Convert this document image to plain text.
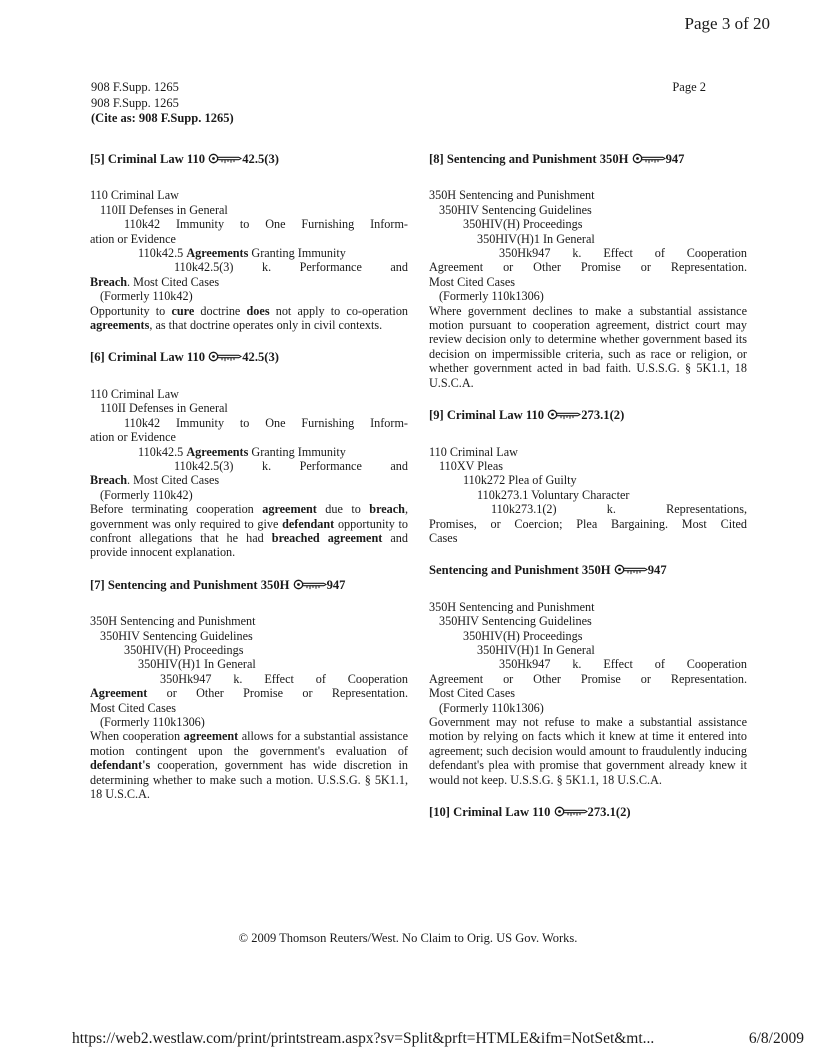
Page 3 of 20
908 F.Supp. 1265
908 F.Supp. 1265
(Cite as: 908 F.Supp. 1265)
Page 2
[5] Criminal Law 110	42.5(3)

110 Criminal Law

110II Defenses in General

110k42 Immunity to One Furnishing Inform-

ation or Evidence

110k42.5 Agreements Granting Immunity

110k42.5(3) k. Performance and

Breach. Most Cited Cases

(Formerly 110k42)

Opportunity to cure doctrine does not apply to co-operation agreements, as that doctrine operates only in civil contexts.

[6] Criminal Law 110	42.5(3)

110 Criminal Law

110II Defenses in General

110k42 Immunity to One Furnishing Inform-

ation or Evidence

110k42.5 Agreements Granting Immunity

110k42.5(3) k. Performance and

Breach. Most Cited Cases

(Formerly 110k42)

Before terminating cooperation agreement due to breach, government was only required to give defendant opportunity to confront allegations that he had breached agreement and provide innocent explanation.

[7] Sentencing and Punishment 350H	947

350H Sentencing and Punishment

350HIV Sentencing Guidelines

350HIV(H) Proceedings

350HIV(H)1 In General

350Hk947 k. Effect of Cooperation

Agreement or Other Promise or Representation.

Most Cited Cases

(Formerly 110k1306)

When cooperation agreement allows for a substantial assistance motion contingent upon the government's evaluation of defendant's cooperation, government has wide discretion in determining whether to make such a motion. U.S.S.G. § 5K1.1, 18 U.S.C.A.

[8] Sentencing and Punishment 350H	947

350H Sentencing and Punishment

350HIV Sentencing Guidelines

350HIV(H) Proceedings

350HIV(H)1 In General

350Hk947 k. Effect of Cooperation

Agreement or Other Promise or Representation.

Most Cited Cases

(Formerly 110k1306)

Where government declines to make a substantial assistance motion pursuant to cooperation agreement, district court may review decision only to determine whether government based its decision on impermissible criteria, such as race or religion, or whether government acted in bad faith. U.S.S.G. § 5K1.1, 18 U.S.C.A.

[9] Criminal Law 110	273.1(2)

110 Criminal Law

110XV Pleas

110k272 Plea of Guilty

110k273.1 Voluntary Character

110k273.1(2) k. Representations,

Promises, or Coercion; Plea Bargaining. Most Cited

Cases

Sentencing and Punishment 350H	947

350H Sentencing and Punishment

350HIV Sentencing Guidelines

350HIV(H) Proceedings

350HIV(H)1 In General

350Hk947 k. Effect of Cooperation

Agreement or Other Promise or Representation.

Most Cited Cases

(Formerly 110k1306)

Government may not refuse to make a substantial assistance motion by relying on facts which it knew at time it entered into agreement; such decision would amount to fraudulently inducing defendant's plea with promise that government already knew it would not keep. U.S.S.G. § 5K1.1, 18 U.S.C.A.

[10] Criminal Law 110	273.1(2)
© 2009 Thomson Reuters/West. No Claim to Orig. US Gov. Works.
https://web2.westlaw.com/print/printstream.aspx?sv=Split&prft=HTMLE&ifm=NotSet&mt...	6/8/2009
